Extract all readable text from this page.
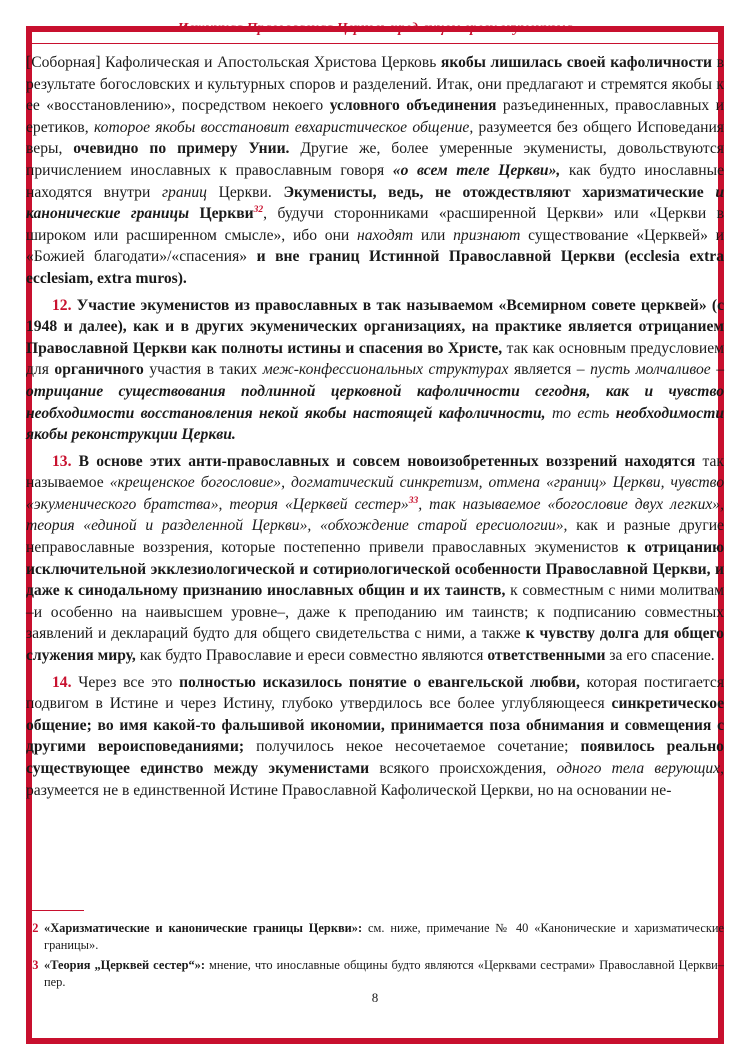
Истинная Православная Церковь пред лицом ереси экуменизма

[Соборная] Кафолическая и Апостольская Христова Церковь якобы лишилась своей кафоличности в результате богословских и культурных споров и разделений. Итак, они предлагают и стремятся якобы к ее «восстановлению», посредством некоего условного объединения разъединенных, православных и еретиков, которое якобы восстановит евхаристическое общение, разумеется без общего Исповедания веры, очевидно по примеру Унии. Другие же, более умеренные экуменисты, довольствуются причислением инославных к православным говоря «о всем теле Церкви», как будто инославные находятся внутри границ Церкви. Экуменисты, ведь, не отождествляют харизматические и канонические границы Церкви$^{32}$, будучи сторонниками «расширенной Церкви» или «Церкви в широком или расширенном смысле», ибо они находят или признают существование «Церквей» и «Божией благодати»/«спасения» и вне границ Истинной Православной Церкви (ecclesia extra ecclesiam, extra muros).

12. Участие экуменистов из православных в так называемом «Всемирном совете церквей» (с 1948 и далее), как и в других экуменических организациях, на практике является отрицанием Православной Церкви как полноты истины и спасения во Христе, так как основным предусловием для органичного участия в таких меж-конфессиональных структурах является – пусть молчаливое – отрицание существования подлинной церковной кафоличности сегодня, как и чувство необходимости восстановления некой якобы настоящей кафоличности, то есть необходимости якобы реконструкции Церкви.

13. В основе этих анти-православных и совсем новоизобретенных воззрений находятся так называемое «крещенское богословие», догматический синкретизм, отмена «границ» Церкви, чувство «экуменического братства», теория «Церквей сестер»$^{33}$, так называемое «богословие двух легких», теория «единой и разделенной Церкви», «обхождение старой ересиологии», как и разные другие неправославные воззрения, которые постепенно привели православных экуменистов к отрицанию исключительной экклезиологической и сотириологической особенности Православной Церкви, и даже к синодальному признанию инославных общин и их таинств, к совместным с ними молитвам –и особенно на наивысшем уровне–, даже к преподанию им таинств; к подписанию совместных заявлений и деклараций будто для общего свидетельства с ними, а также к чувству долга для общего служения миру, как будто Православие и ереси совместно являются ответственными за его спасение.

14. Через все это полностью исказилось понятие о евангельской любви, которая постигается подвигом в Истине и через Истину, глубоко утвердилось все более углубляющееся синкретическое общение; во имя какой-то фальшивой икономии, принимается поза обнимания и совмещения с другими вероисповеданиями; получилось некое несочетаемое сочетание; появилось реально существующее единство между экуменистами всякого происхождения, одного тела верующих, разумеется не в единственной Истине Православной Кафолической Церкви, но на основании не-

32 «Харизматические и канонические границы Церкви»: см. ниже, примечание № 40 «Канонические и харизматические границы».
33 «Теория „Церквей сестер“»: мнение, что инославные общины будто являются «Церквами сестрами» Православной Церкви–пер.
8
